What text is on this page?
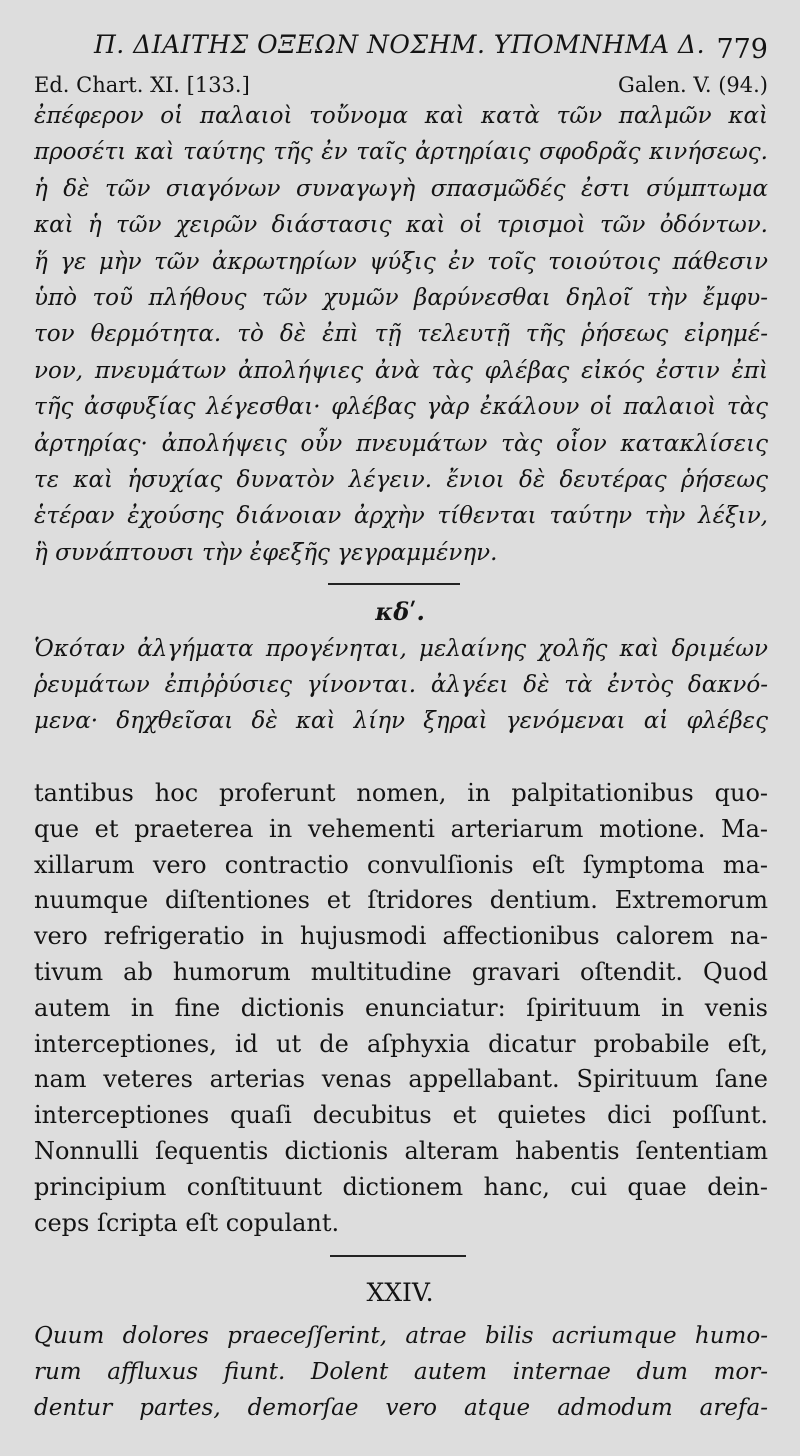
Π. ΔΙΑΙΤΗΣ ΟΞΕΩΝ ΝΟΣΗΜ. ΥΠΟΜΝΗΜΑ Δ. 779
Ed. Chart. XI. [133.]	Galen. V. (94.)
ἐπέφερον οἱ παλαιοὶ τοὔνομα καὶ κατὰ τῶν παλμῶν καὶ
προσέτι καὶ ταύτης τῆς ἐν ταῖς ἀρτηρίαις σφοδρᾶς κινήσεως.
ἡ δὲ τῶν σιαγόνων συναγωγὴ σπασμῶδές ἐστι σύμπτωμα
καὶ ἡ τῶν χειρῶν διάστασις καὶ οἱ τρισμοὶ τῶν ὀδόντων.
ἥ γε μὴν τῶν ἀκρωτηρίων ψύξις ἐν τοῖς τοιούτοις πάθεσιν
ὑπὸ τοῦ πλήθους τῶν χυμῶν βαρύνεσθαι δηλοῖ τὴν ἔμφυ-
τον θερμότητα. τὸ δὲ ἐπὶ τῇ τελευτῇ τῆς ῥήσεως εἰρημέ-
νον, πνευμάτων ἀπολήψιες ἀνὰ τὰς φλέβας εἰκός ἐστιν ἐπὶ
τῆς ἀσφυξίας λέγεσθαι· φλέβας γὰρ ἐκάλουν οἱ παλαιοὶ τὰς
ἀρτηρίας· ἀπολήψεις οὖν πνευμάτων τὰς οἷον κατακλίσεις
τε καὶ ἡσυχίας δυνατὸν λέγειν. ἔνιοι δὲ δευτέρας ῥήσεως
ἑτέραν ἐχούσης διάνοιαν ἀρχὴν τίθενται ταύτην τὴν λέξιν,
ἣ συνάπτουσι τὴν ἐφεξῆς γεγραμμένην.
κδʹ.
Ὁκόταν ἀλγήματα προγένηται, μελαίνης χολῆς καὶ δριμέων
ῥευμάτων ἐπιῤῥύσιες γίνονται. ἀλγέει δὲ τὰ ἐντὸς δακνό-
μενα· δηχθεῖσαι δὲ καὶ λίην ξηραὶ γενόμεναι αἱ φλέβες
tantibus hoc proferunt nomen, in palpitationibus quo-
que et praeterea in vehementi arteriarum motione. Ma-
xillarum vero contractio convulſionis eſt ſymptoma ma-
nuumque diſtentiones et ſtridores dentium. Extremorum
vero refrigeratio in hujusmodi affectionibus calorem na-
tivum ab humorum multitudine gravari oſtendit. Quod
autem in fine dictionis enunciatur: ſpirituum in venis
interceptiones, id ut de aſphyxia dicatur probabile eſt,
nam veteres arterias venas appellabant. Spirituum ſane
interceptiones quaſi decubitus et quietes dici poſſunt.
Nonnulli ſequentis dictionis alteram habentis ſententiam
principium conſtituunt dictionem hanc, cui quae dein-
ceps ſcripta eſt copulant.
XXIV.
Quum dolores praeceſſerint, atrae bilis acriumque humo-
rum affluxus fiunt. Dolent autem internae dum mor-
dentur partes, demorſae vero atque admodum arefa-
